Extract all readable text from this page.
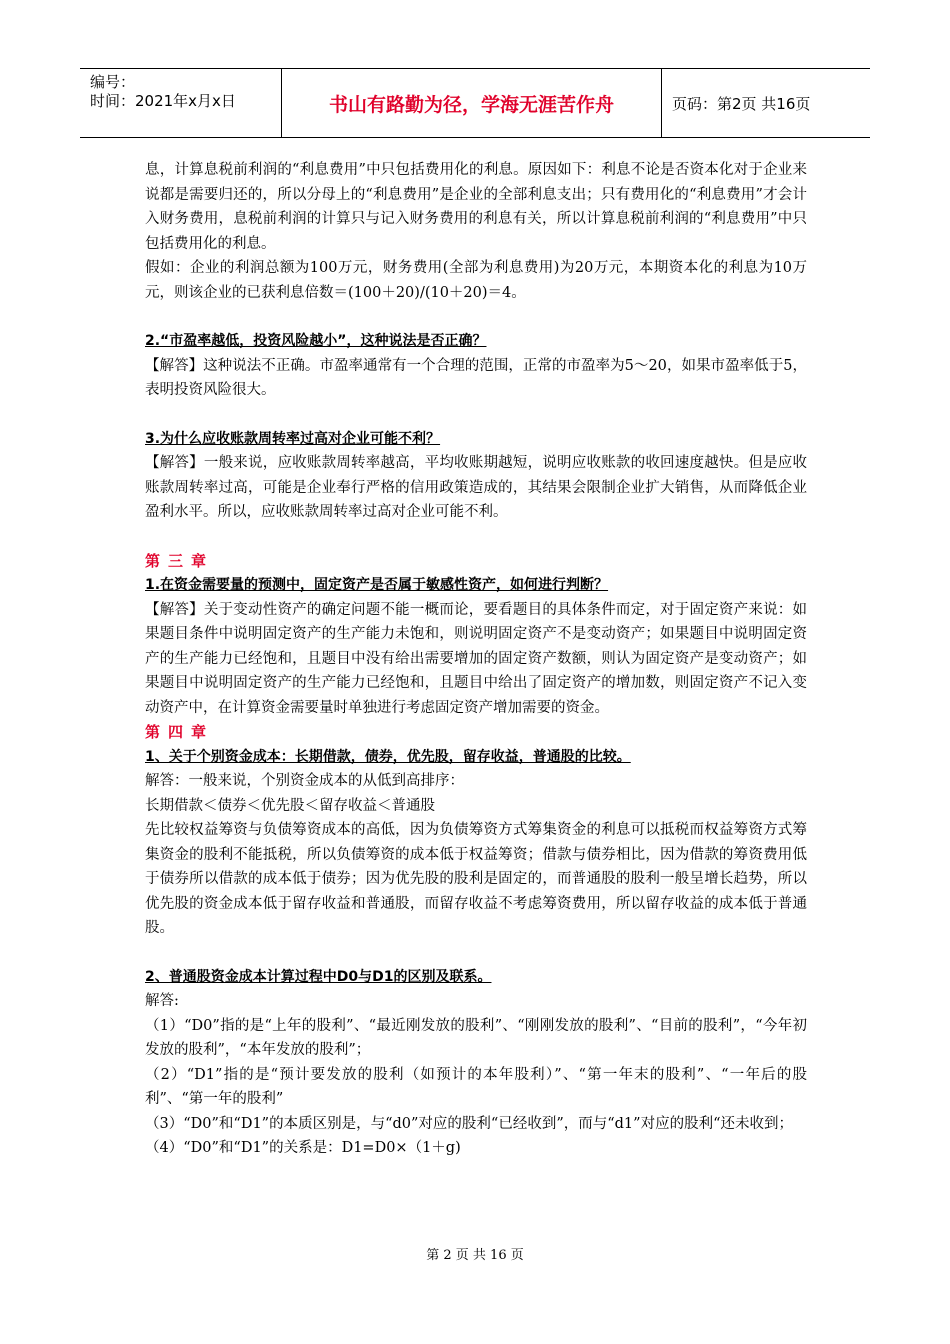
编号：
时间：2021年x月x日	书山有路勤为径，学海无涯苦作舟	页码：第2页 共16页

息，计算息税前利润的“利息费用”中只包括费用化的利息。原因如下：利息不论是否资本化对于企业来说都是需要归还的，所以分母上的“利息费用”是企业的全部利息支出；只有费用化的“利息费用”才会计入财务费用，息税前利润的计算只与记入财务费用的利息有关，所以计算息税前利润的“利息费用”中只包括费用化的利息。

假如：企业的利润总额为100万元，财务费用(全部为利息费用)为20万元，本期资本化的利息为10万元，则该企业的已获利息倍数＝(100＋20)/(10＋20)＝4。

2.“市盈率越低，投资风险越小”，这种说法是否正确？

【解答】这种说法不正确。市盈率通常有一个合理的范围，正常的市盈率为5～20，如果市盈率低于5，表明投资风险很大。

3.为什么应收账款周转率过高对企业可能不利？

【解答】一般来说，应收账款周转率越高，平均收账期越短，说明应收账款的收回速度越快。但是应收账款周转率过高，可能是企业奉行严格的信用政策造成的，其结果会限制企业扩大销售，从而降低企业盈利水平。所以，应收账款周转率过高对企业可能不利。

第三章

1.在资金需要量的预测中，固定资产是否属于敏感性资产，如何进行判断？

【解答】关于变动性资产的确定问题不能一概而论，要看题目的具体条件而定，对于固定资产来说：如果题目条件中说明固定资产的生产能力未饱和，则说明固定资产不是变动资产；如果题目中说明固定资产的生产能力已经饱和，且题目中没有给出需要增加的固定资产数额，则认为固定资产是变动资产；如果题目中说明固定资产的生产能力已经饱和，且题目中给出了固定资产的增加数，则固定资产不记入变动资产中，在计算资金需要量时单独进行考虑固定资产增加需要的资金。

第四章

1、关于个别资金成本：长期借款，债券，优先股，留存收益，普通股的比较。

解答：一般来说，个别资金成本的从低到高排序：

长期借款＜债券＜优先股＜留存收益＜普通股

先比较权益筹资与负债筹资成本的高低，因为负债筹资方式筹集资金的利息可以抵税而权益筹资方式筹集资金的股利不能抵税，所以负债筹资的成本低于权益筹资；借款与债券相比，因为借款的筹资费用低于债券所以借款的成本低于债券；因为优先股的股利是固定的，而普通股的股利一般呈增长趋势，所以优先股的资金成本低于留存收益和普通股，而留存收益不考虑筹资费用，所以留存收益的成本低于普通股。

2、普通股资金成本计算过程中D0与D1的区别及联系。

解答:

（1）“D0”指的是“上年的股利”、“最近刚发放的股利”、“刚刚发放的股利”、“目前的股利”，“今年初发放的股利”，“本年发放的股利”；

（2）“D1”指的是“预计要发放的股利（如预计的本年股利）”、“第一年末的股利”、“一年后的股利”、“第一年的股利”

（3）“D0”和“D1”的本质区别是，与“d0”对应的股利“已经收到”，而与“d1”对应的股利“还未收到；

（4）“D0”和“D1”的关系是：D1=D0×（1＋g)

第 2 页 共 16 页
